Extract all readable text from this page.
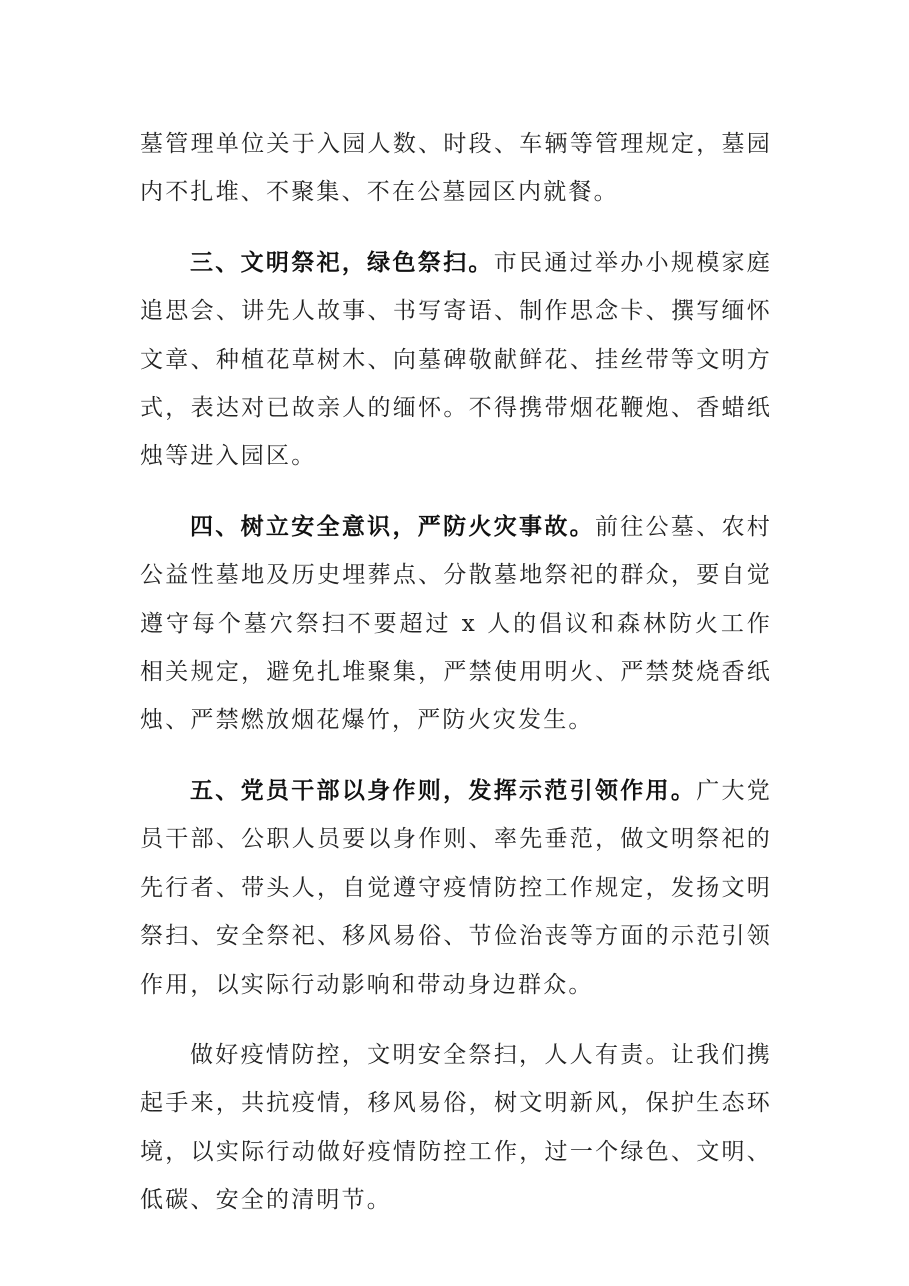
墓管理单位关于入园人数、时段、车辆等管理规定，墓园内不扎堆、不聚集、不在公墓园区内就餐。

三、文明祭祀，绿色祭扫。市民通过举办小规模家庭追思会、讲先人故事、书写寄语、制作思念卡、撰写缅怀文章、种植花草树木、向墓碑敬献鲜花、挂丝带等文明方式，表达对已故亲人的缅怀。不得携带烟花鞭炮、香蜡纸烛等进入园区。

四、树立安全意识，严防火灾事故。前往公墓、农村公益性墓地及历史埋葬点、分散墓地祭祀的群众，要自觉遵守每个墓穴祭扫不要超过 x 人的倡议和森林防火工作相关规定，避免扎堆聚集，严禁使用明火、严禁焚烧香纸烛、严禁燃放烟花爆竹，严防火灾发生。

五、党员干部以身作则，发挥示范引领作用。广大党员干部、公职人员要以身作则、率先垂范，做文明祭祀的先行者、带头人，自觉遵守疫情防控工作规定，发扬文明祭扫、安全祭祀、移风易俗、节俭治丧等方面的示范引领作用，以实际行动影响和带动身边群众。

做好疫情防控，文明安全祭扫，人人有责。让我们携起手来，共抗疫情，移风易俗，树文明新风，保护生态环境，以实际行动做好疫情防控工作，过一个绿色、文明、低碳、安全的清明节。
